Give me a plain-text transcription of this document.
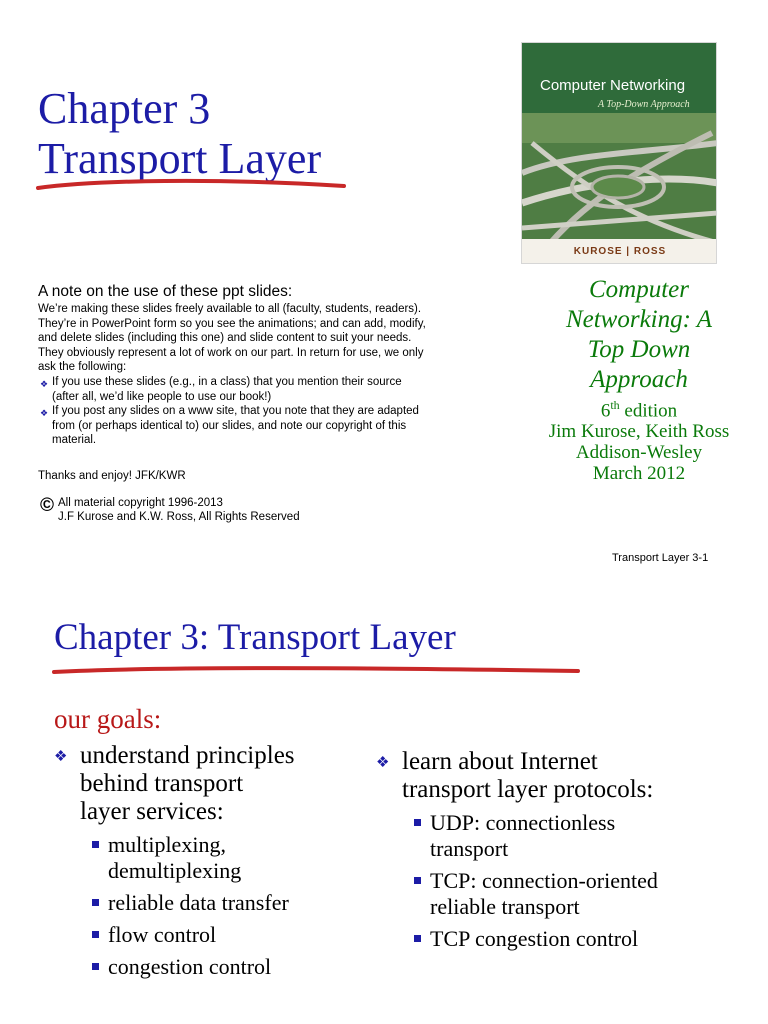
Chapter 3
Transport Layer
Computer Networking
A Top-Down Approach
KUROSE | ROSS
A note on the use of these ppt slides:

We’re making these slides freely available to all (faculty, students, readers).

They’re in PowerPoint form so you see the animations; and can add, modify,

and delete slides (including this one) and slide content to suit your needs.

They obviously represent a lot of work on our part. In return for use, we only

ask the following:

❖ If you use these slides (e.g., in a class) that you mention their source
(after all, we’d like people to use our book!)
❖ If you post any slides on a www site, that you note that they are adapted
from (or perhaps identical to) our slides, and note our copyright of this
material.
Thanks and enjoy! JFK/KWR
© All material copyright 1996-2013
J.F Kurose and K.W. Ross, All Rights Reserved
Computer
Networking: A
Top Down
Approach
6th edition
Jim Kurose, Keith Ross
Addison-Wesley
March 2012
Transport Layer 3-1
Chapter 3: Transport Layer
our goals:
❖ understand principles
behind transport
layer services:
multiplexing,
demultiplexing
reliable data transfer
flow control
congestion control
❖ learn about Internet
transport layer protocols:
UDP: connectionless
transport
TCP: connection-oriented
reliable transport
TCP congestion control
